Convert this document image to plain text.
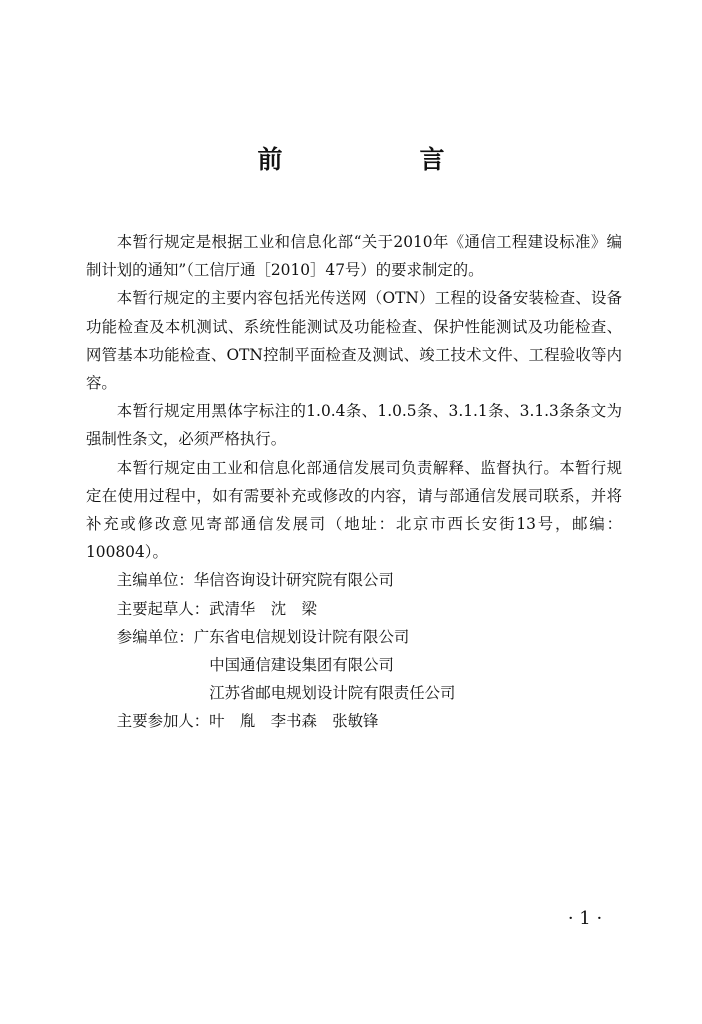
前　言

本暂行规定是根据工业和信息化部“关于2010年《通信工程建设标准》编制计划的通知”（工信厅通［2010］47号）的要求制定的。

本暂行规定的主要内容包括光传送网（OTN）工程的设备安装检查、设备功能检查及本机测试、系统性能测试及功能检查、保护性能测试及功能检查、网管基本功能检查、OTN控制平面检查及测试、竣工技术文件、工程验收等内容。

本暂行规定用黑体字标注的1.0.4条、1.0.5条、3.1.1条、3.1.3条条文为强制性条文，必须严格执行。

本暂行规定由工业和信息化部通信发展司负责解释、监督执行。本暂行规定在使用过程中，如有需要补充或修改的内容，请与部通信发展司联系，并将补充或修改意见寄部通信发展司（地址：北京市西长安街13号，邮编：100804）。

主编单位：华信咨询设计研究院有限公司
主要起草人：武清华　沈　梁
参编单位：广东省电信规划设计院有限公司
中国通信建设集团有限公司
江苏省邮电规划设计院有限责任公司
主要参加人：叶　胤　李书森　张敏锋
· 1 ·
